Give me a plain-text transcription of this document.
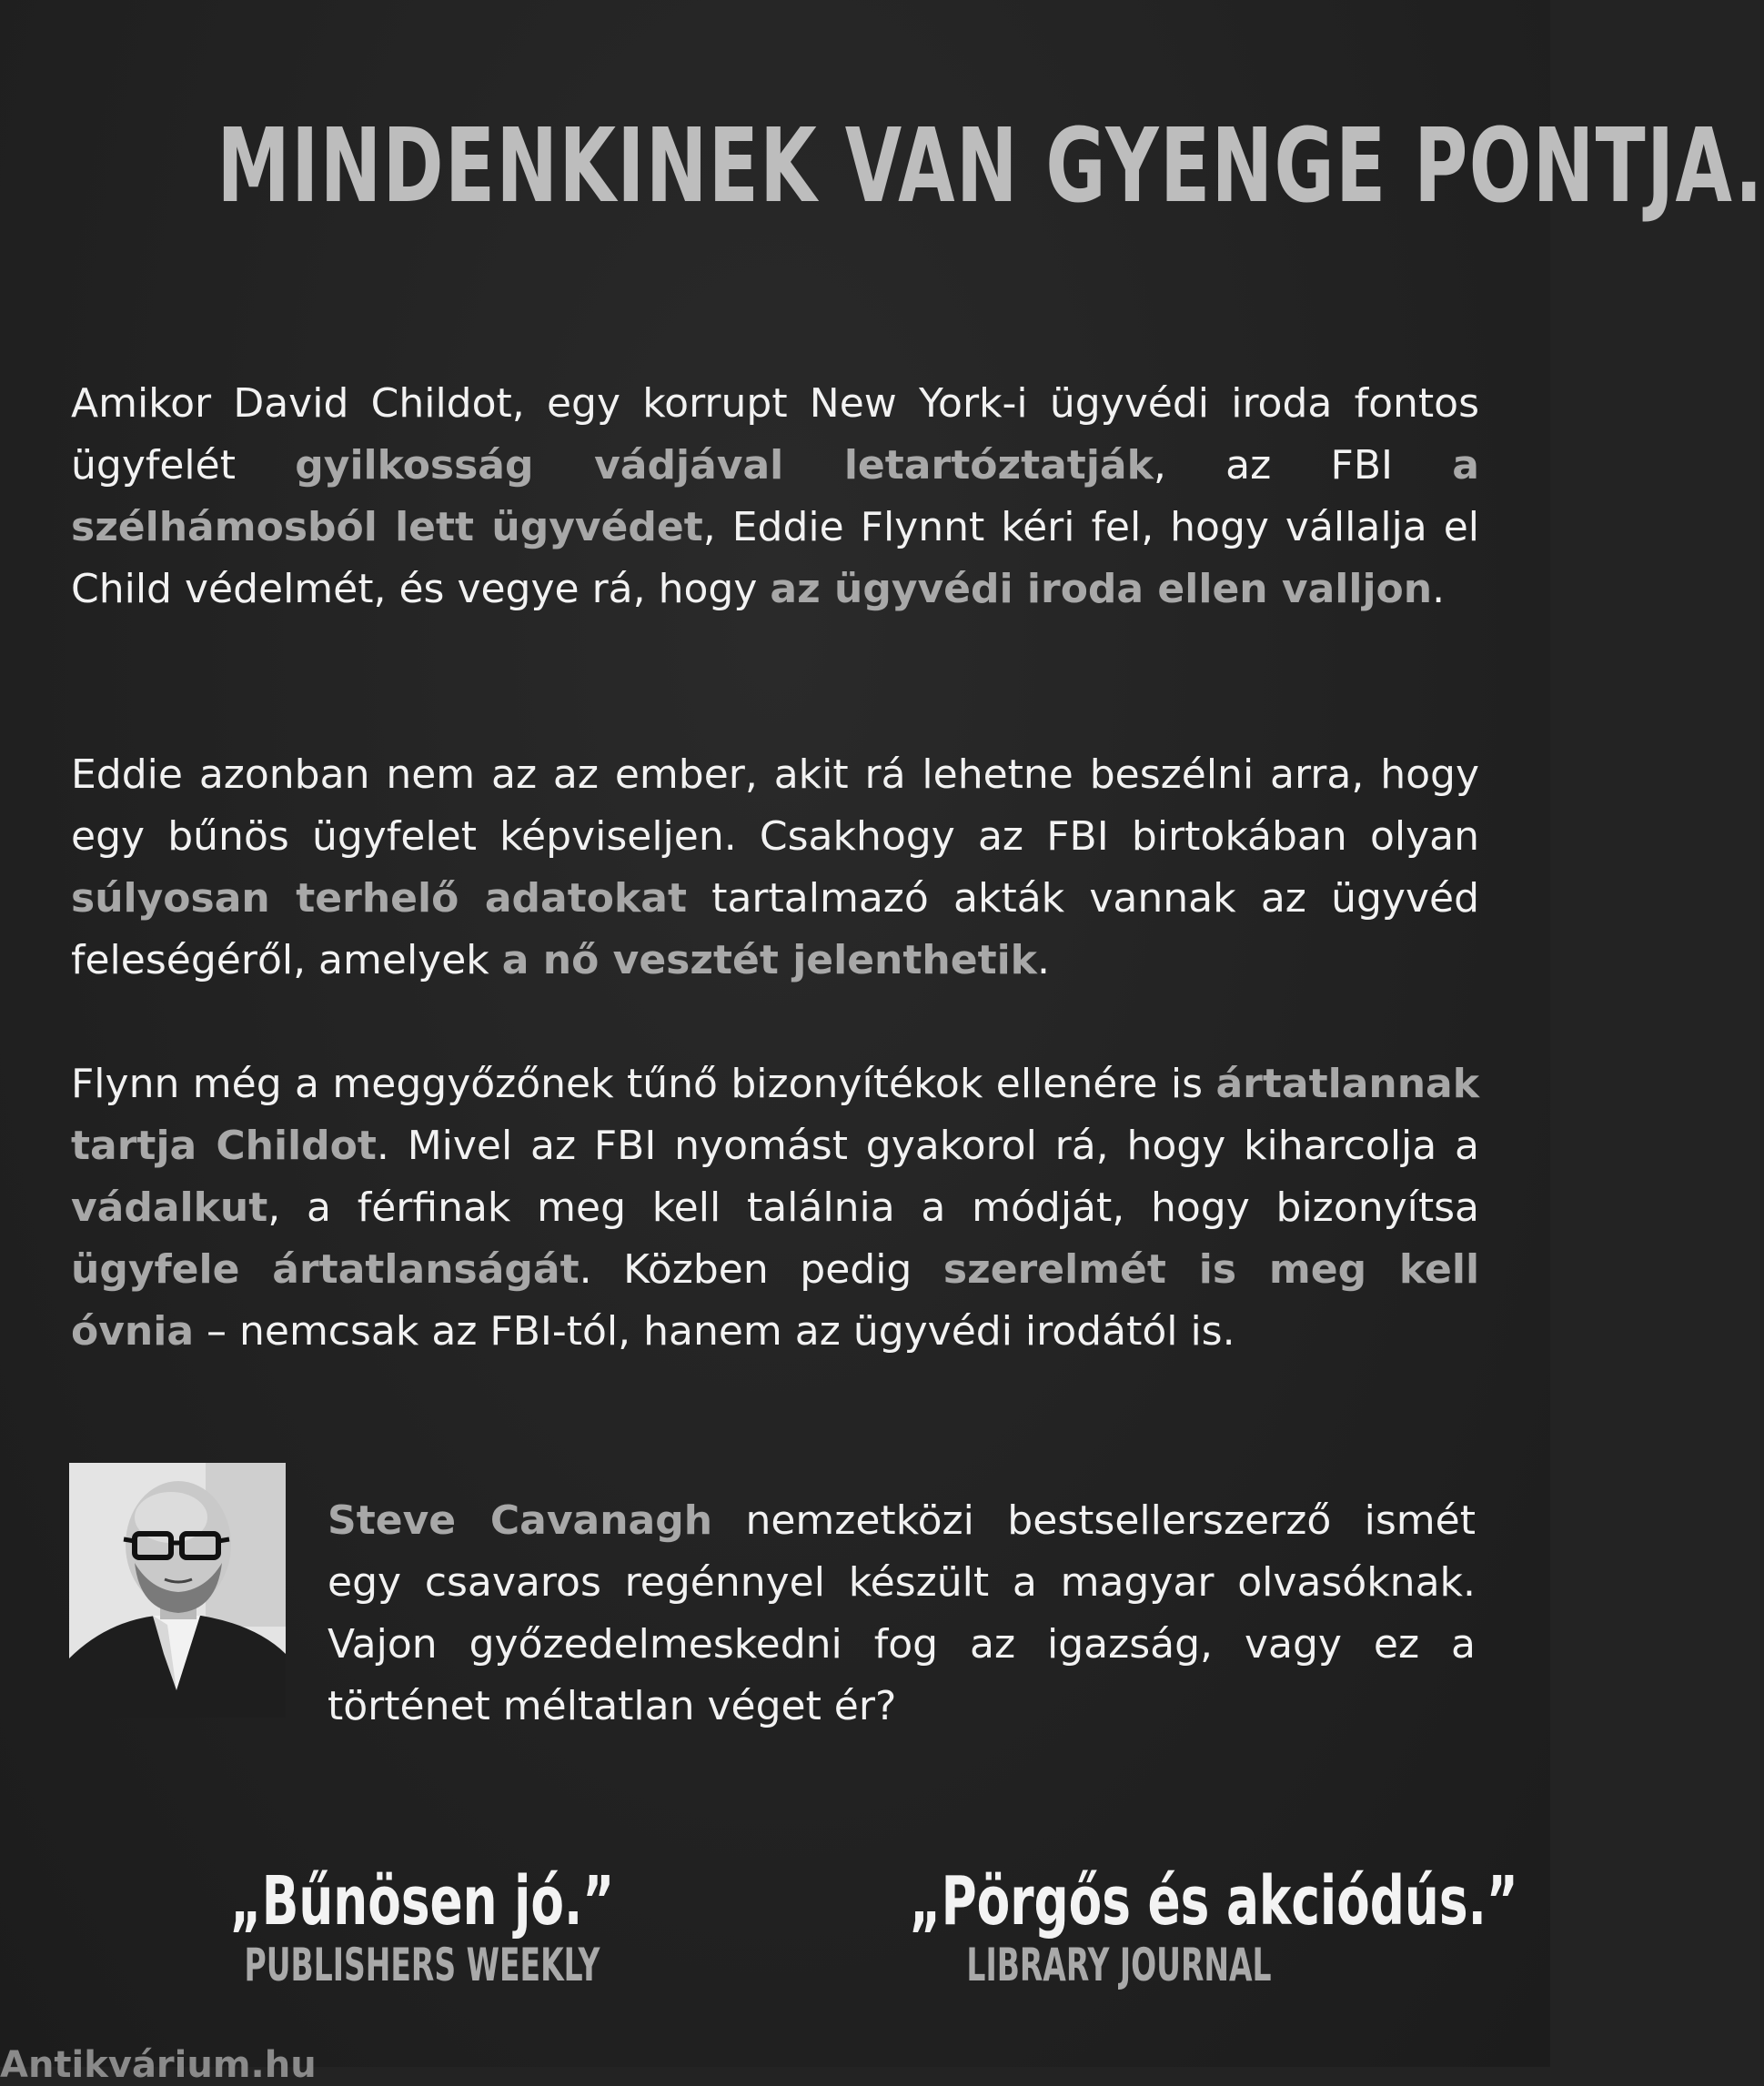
MINDENKINEK VAN GYENGE PONTJA.

Amikor David Childot, egy korrupt New York-i ügyvédi iroda fontos ügyfelét gyilkosság vádjával letartóztatják, az FBI a szélhámosból lett ügyvédet, Eddie Flynnt kéri fel, hogy vállalja el Child védelmét, és vegye rá, hogy az ügyvédi iroda ellen valljon.

Eddie azonban nem az az ember, akit rá lehetne beszélni arra, hogy egy bűnös ügyfelet képviseljen. Csakhogy az FBI birtokában olyan súlyosan terhelő adatokat tartalmazó akták vannak az ügyvéd feleségéről, amelyek a nő vesztét jelenthetik.

Flynn még a meggyőzőnek tűnő bizonyítékok ellenére is ártatlannak tartja Childot. Mivel az FBI nyomást gyakorol rá, hogy kiharcolja a vádalkut, a férfinak meg kell találnia a módját, hogy bizonyítsa ügyfele ártatlanságát. Közben pedig szerelmét is meg kell óvnia – nemcsak az FBI-tól, hanem az ügyvédi irodától is.

Steve Cavanagh nemzetközi bestsellerszerző ismét egy csavaros regénnyel készült a magyar olvasóknak. Vajon győzedelmeskedni fog az igazság, vagy ez a történet méltatlan véget ér?

„Bűnösen jó.”
PUBLISHERS WEEKLY
„Pörgős és akciódús.”
LIBRARY JOURNAL
Antikvárium.hu
